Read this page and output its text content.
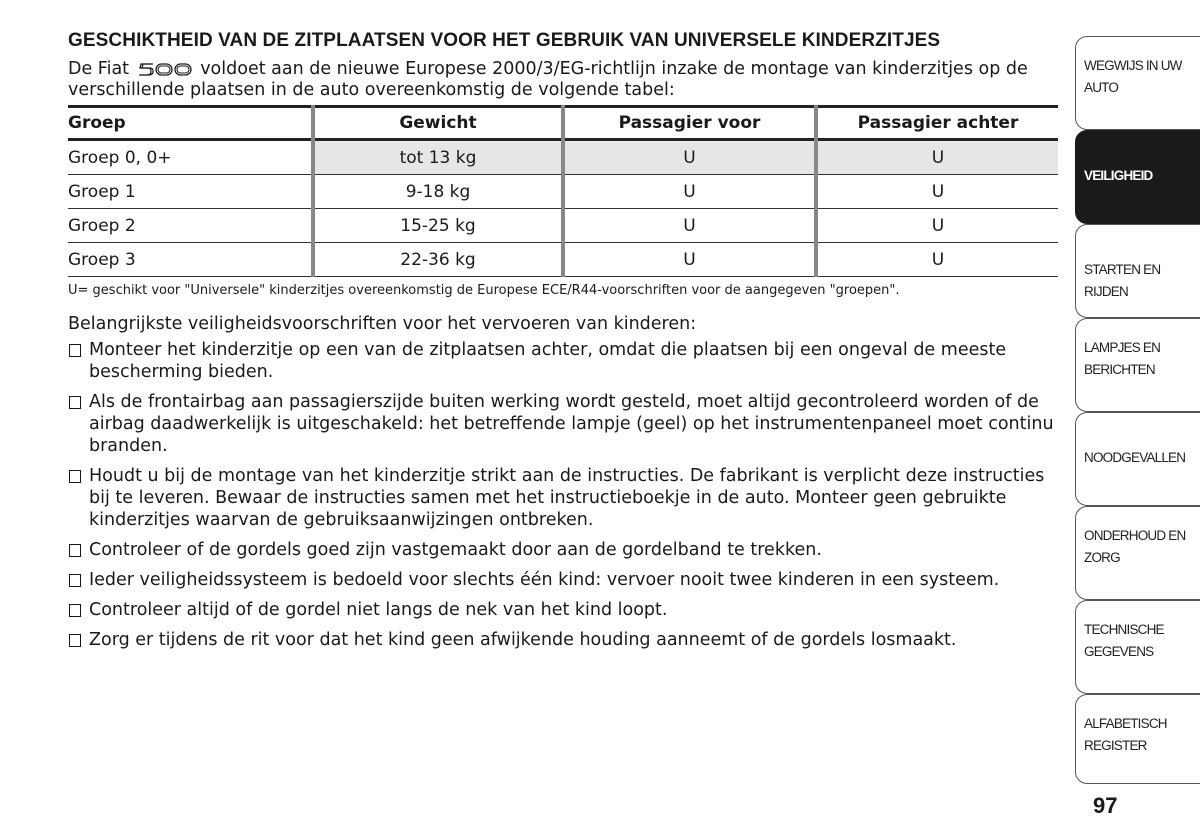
GESCHIKTHEID VAN DE ZITPLAATSEN VOOR HET GEBRUIK VAN UNIVERSELE KINDERZITJES

De Fiat	voldoet aan de nieuwe Europese 2000/3/EG-richtlijn inzake de montage van kinderzitjes op de verschillende plaatsen in de auto overeenkomstig de volgende tabel:

Groep	Gewicht	Passagier voor	Passagier achter
Groep 0, 0+	tot 13 kg	U	U
Groep 1	9-18 kg	U	U
Groep 2	15-25 kg	U	U
Groep 3	22-36 kg	U	U

U= geschikt voor "Universele" kinderzitjes overeenkomstig de Europese ECE/R44-voorschriften voor de aangegeven "groepen".

Belangrijkste veiligheidsvoorschriften voor het vervoeren van kinderen:

Monteer het kinderzitje op een van de zitplaatsen achter, omdat die plaatsen bij een ongeval de meeste bescherming bieden.
Als de frontairbag aan passagierszijde buiten werking wordt gesteld, moet altijd gecontroleerd worden of de airbag daadwerkelijk is uitgeschakeld: het betreffende lampje (geel) op het instrumentenpaneel moet continu branden.
Houdt u bij de montage van het kinderzitje strikt aan de instructies. De fabrikant is verplicht deze instructies bij te leveren. Bewaar de instructies samen met het instructieboekje in de auto. Monteer geen gebruikte kinderzitjes waarvan de gebruiksaanwijzingen ontbreken.
Controleer of de gordels goed zijn vastgemaakt door aan de gordelband te trekken.
Ieder veiligheidssysteem is bedoeld voor slechts één kind: vervoer nooit twee kinderen in een systeem.
Controleer altijd of de gordel niet langs de nek van het kind loopt.
Zorg er tijdens de rit voor dat het kind geen afwijkende houding aanneemt of de gordels losmaakt.
WEGWIJS IN UW
AUTO
VEILIGHEID
STARTEN EN RIJDEN
LAMPJES EN
BERICHTEN
NOODGEVALLEN
ONDERHOUD EN
ZORG
TECHNISCHE
GEGEVENS
ALFABETISCH
REGISTER
97
